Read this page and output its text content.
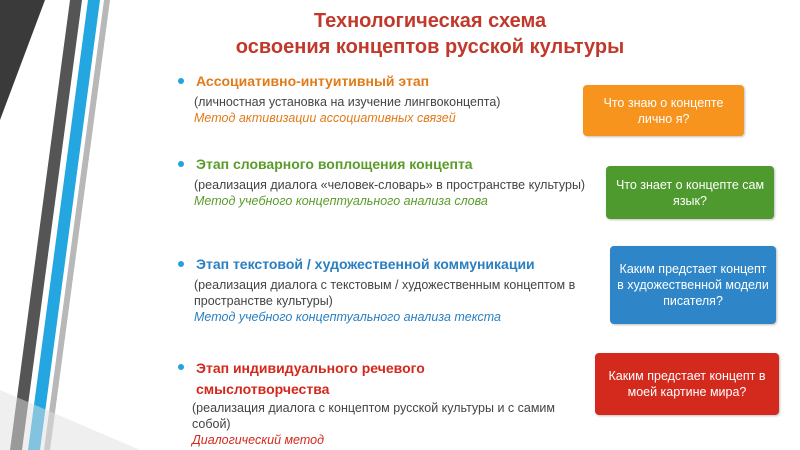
Технологическая схема
освоения концептов русской культуры
Ассоциативно-интуитивный этап
(личностная установка на изучение лингвоконцепта)
Метод активизации ассоциативных связей
Этап словарного воплощения концепта
(реализация диалога «человек-словарь» в пространстве культуры)
Метод учебного концептуального анализа слова
Этап текстовой / художественной коммуникации
(реализация диалога с текстовым / художественным концептом в пространстве культуры)
Метод учебного концептуального анализа текста
Этап индивидуального речевого смыслотворчества
(реализация диалога с концептом русской культуры и с самим собой)
Диалогический метод
Что знаю о концепте лично я?
Что знает о концепте сам язык?
Каким предстает концепт в художественной модели писателя?
Каким предстает концепт в моей картине мира?
